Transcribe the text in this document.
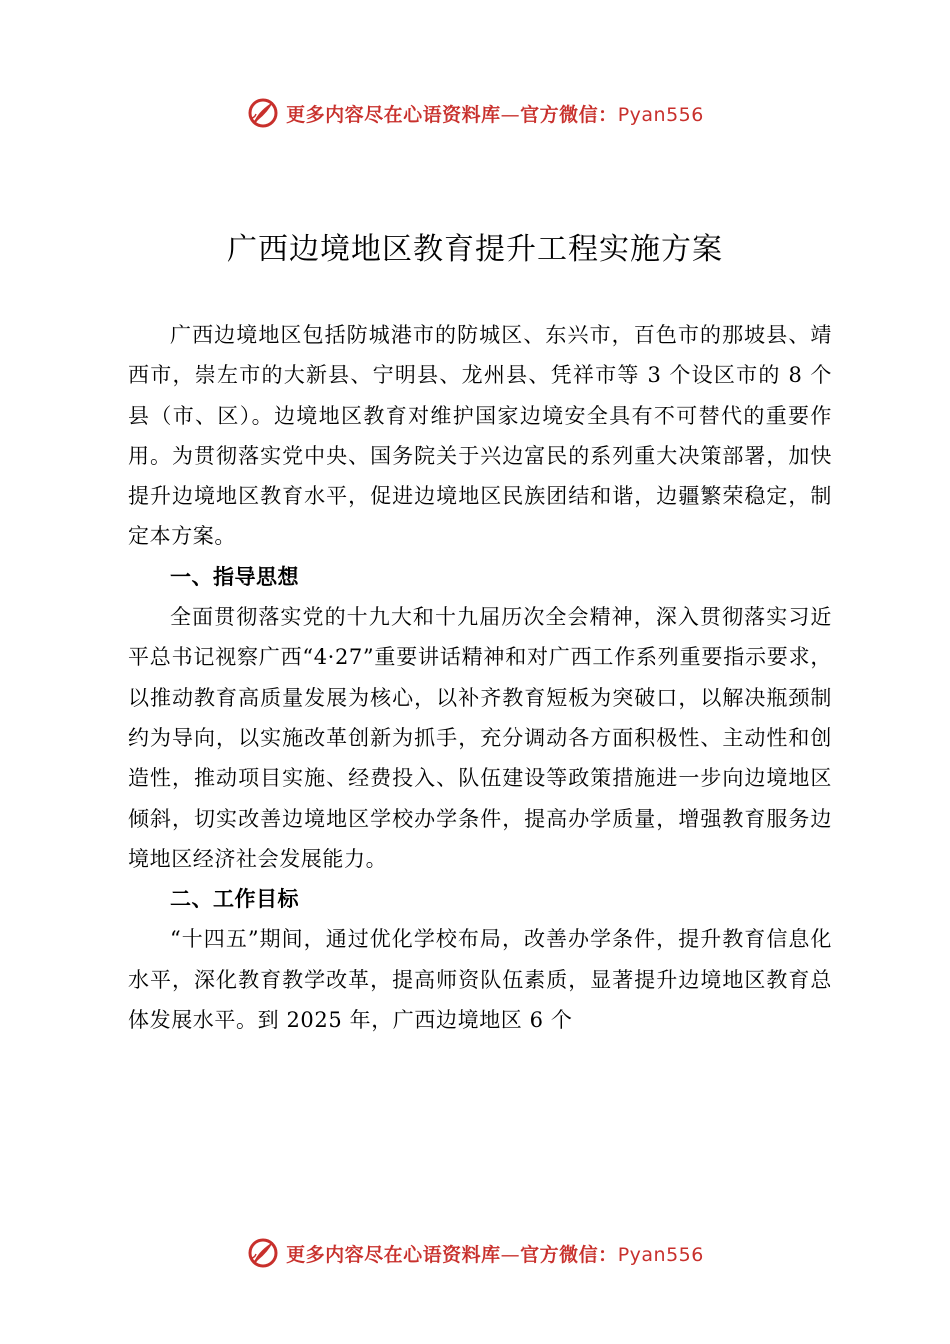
更多内容尽在心语资料库—官方微信：Pyan556
广西边境地区教育提升工程实施方案

广西边境地区包括防城港市的防城区、东兴市，百色市的那坡县、靖西市，崇左市的大新县、宁明县、龙州县、凭祥市等 3 个设区市的 8 个县（市、区）。边境地区教育对维护国家边境安全具有不可替代的重要作用。为贯彻落实党中央、国务院关于兴边富民的系列重大决策部署，加快提升边境地区教育水平，促进边境地区民族团结和谐，边疆繁荣稳定，制定本方案。

一、指导思想

全面贯彻落实党的十九大和十九届历次全会精神，深入贯彻落实习近平总书记视察广西“4·27”重要讲话精神和对广西工作系列重要指示要求，以推动教育高质量发展为核心，以补齐教育短板为突破口，以解决瓶颈制约为导向，以实施改革创新为抓手，充分调动各方面积极性、主动性和创造性，推动项目实施、经费投入、队伍建设等政策措施进一步向边境地区倾斜，切实改善边境地区学校办学条件，提高办学质量，增强教育服务边境地区经济社会发展能力。

二、工作目标

“十四五”期间，通过优化学校布局，改善办学条件，提升教育信息化水平，深化教育教学改革，提高师资队伍素质，显著提升边境地区教育总体发展水平。到 2025 年，广西边境地区 6 个

更多内容尽在心语资料库—官方微信：Pyan556
